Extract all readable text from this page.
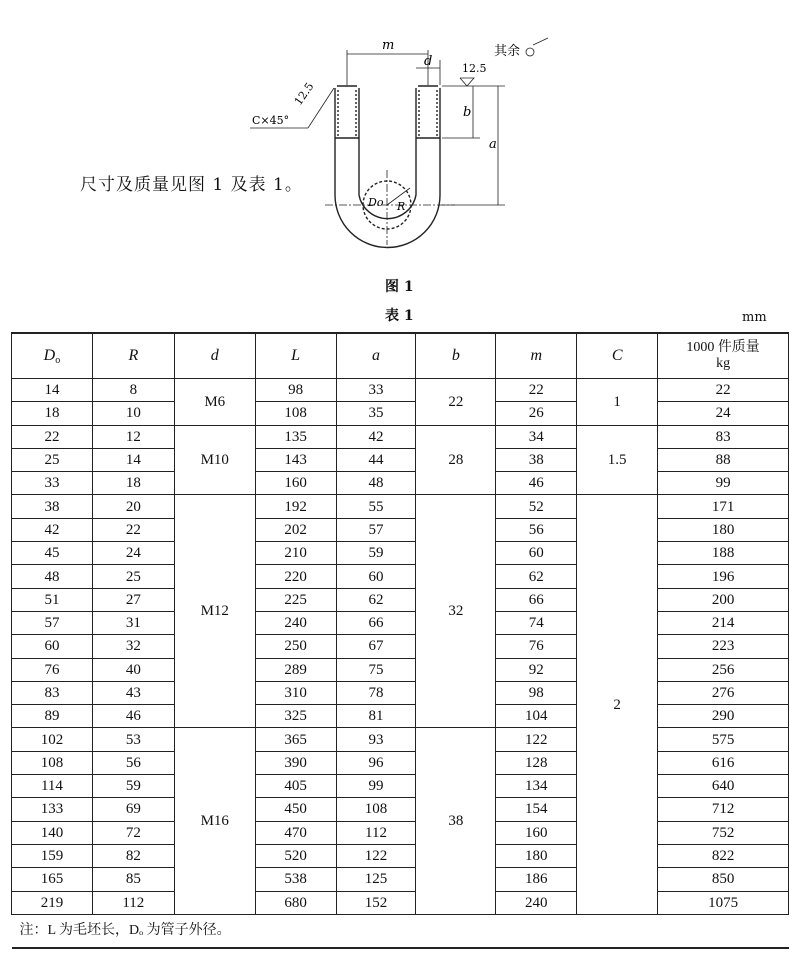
m
d
a
b
Do R
其余
12.5
C×45°
12.5
尺寸及质量见图 1 及表 1。
图 1
表 1	mm
$D_o$	R	d	L	a	b	m	C	1000 件质量
kg
14	8	M6	98	33	22	22	1	22
18	10		108	35		26		24
22	12	M10	135	42	28	34	1.5	83
25	14		143	44		38		88
33	18		160	48		46		99
38	20	M12	192	55	32	52	2	171
42	22		202	57		56		180
45	24		210	59		60		188
48	25		220	60		62		196
51	27		225	62		66		200
57	31		240	66		74		214
60	32		250	67		76		223
76	40		289	75		92		256
83	43		310	78		98		276
89	46		325	81		104		290
102	53	M16	365	93	38	122		575
108	56		390	96		128		616
114	59		405	99		134		640
133	69		450	108		154		712
140	72		470	112		160		752
159	82		520	122		180		822
165	85		538	125		186		850
219	112		680	152		240		1075
注：L 为毛坯长，Dₒ 为管子外径。								
